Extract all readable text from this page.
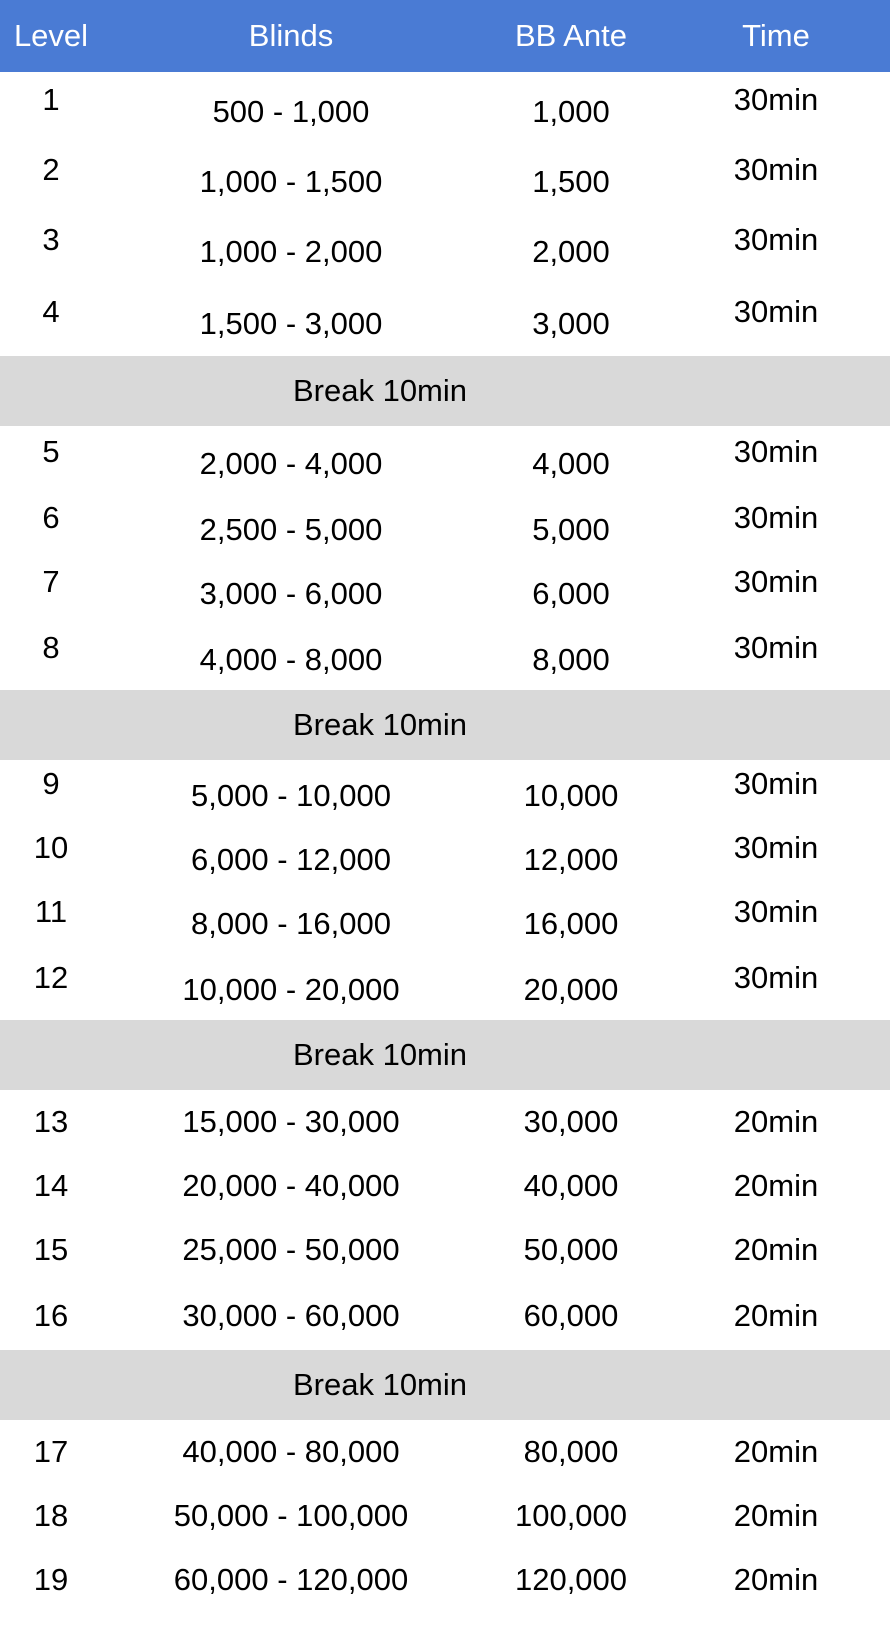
Level	Blinds	BB Ante	Time
1	500 - 1,000	1,000	30min
2	1,000 - 1,500	1,500	30min
3	1,000 - 2,000	2,000	30min
4	1,500 - 3,000	3,000	30min
Break 10min
5	2,000 - 4,000	4,000	30min
6	2,500 - 5,000	5,000	30min
7	3,000 - 6,000	6,000	30min
8	4,000 - 8,000	8,000	30min
Break 10min
9	5,000 - 10,000	10,000	30min
10	6,000 - 12,000	12,000	30min
11	8,000 - 16,000	16,000	30min
12	10,000 - 20,000	20,000	30min
Break 10min
13	15,000 - 30,000	30,000	20min
14	20,000 - 40,000	40,000	20min
15	25,000 - 50,000	50,000	20min
16	30,000 - 60,000	60,000	20min
Break 10min
17	40,000 - 80,000	80,000	20min
18	50,000 - 100,000	100,000	20min
19	60,000 - 120,000	120,000	20min
